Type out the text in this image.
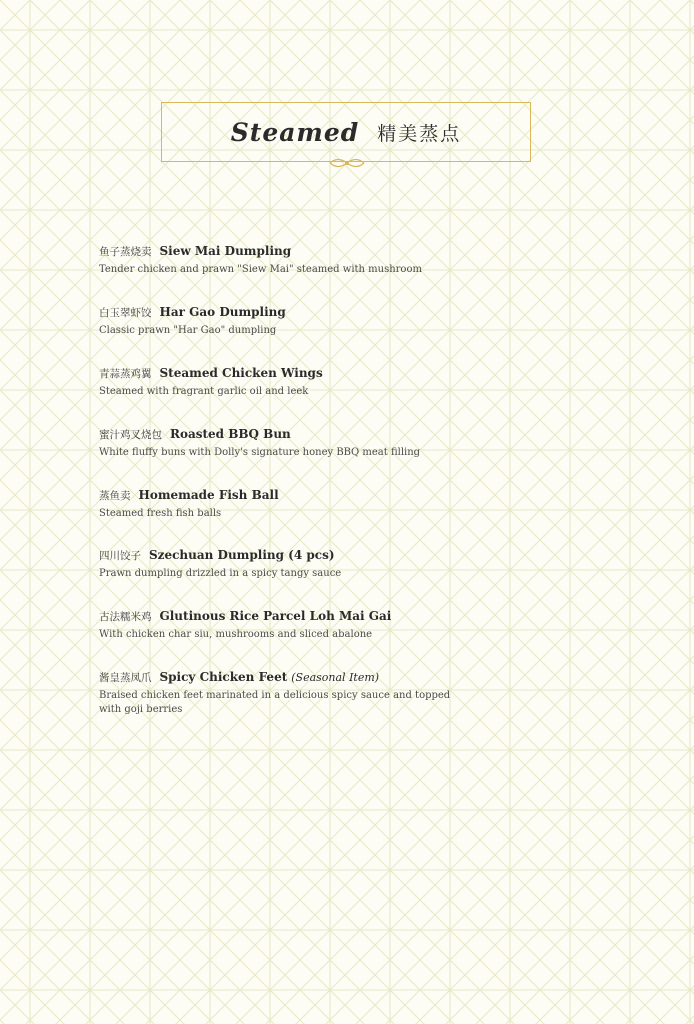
Steamed 精美蒸点
鱼子蒸烧卖 Siew Mai Dumpling
Tender chicken and prawn "Siew Mai" steamed with mushroom
白玉翠虾饺 Har Gao Dumpling
Classic prawn "Har Gao" dumpling
青蒜蒸鸡翼 Steamed Chicken Wings
Steamed with fragrant garlic oil and leek
蜜汁鸡叉烧包 Roasted BBQ Bun
White fluffy buns with Dolly's signature honey BBQ meat filling
蒸鱼卖 Homemade Fish Ball
Steamed fresh fish balls
四川饺子 Szechuan Dumpling (4 pcs)
Prawn dumpling drizzled in a spicy tangy sauce
古法糯米鸡 Glutinous Rice Parcel Loh Mai Gai
With chicken char siu, mushrooms and sliced abalone
酱皇蒸凤爪 Spicy Chicken Feet (Seasonal Item)
Braised chicken feet marinated in a delicious spicy sauce and topped with goji berries
